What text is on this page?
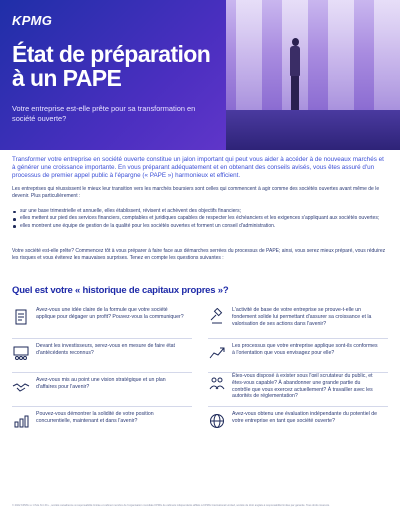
KPMG
État de préparation à un PAPE

Votre entreprise est-elle prête pour sa transformation en société ouverte?

Transformer votre entreprise en société ouverte constitue un jalon important qui peut vous aider à accéder à de nouveaux marchés et à générer une croissance importante. En vous préparant adéquatement et en obtenant des conseils avisés, vous êtes assuré d'un processus de premier appel public à l'épargne (« PAPE ») harmonieux et efficient.

Les entreprises qui réussissent le mieux leur transition vers les marchés boursiers sont celles qui commencent à agir comme des sociétés ouvertes avant même de le devenir. Plus particulièrement :

sur une base trimestrielle et annuelle, elles établissent, révisent et achèvent des objectifs financiers;
elles mettent sur pied des services financiers, comptables et juridiques capables de respecter les échéanciers et les exigences s'appliquant aux sociétés ouvertes;
elles montrent une équipe de gestion de la qualité pour les sociétés ouvertes et forment un conseil d'administration.

Votre société est-elle prête? Commencez tôt à vous préparer à faire face aux démarches serrées du processus de PAPE; ainsi, vous serez mieux préparé, vous réduirez les risques et vous éviterez les mauvaises surprises. Tenez en compte les questions suivantes :

Quel est votre « historique de capitaux propres »?

Avez-vous une idée claire de la formule que votre société applique pour dégager un profit? Pouvez-vous la communiquer?

L'activité de base de votre entreprise se prouve-t-elle un fondement solide lui permettant d'assurer sa croissance et la valorisation de ses actions dans l'avenir?

Devant les investisseurs, serez-vous en mesure de faire état d'antécédents reconnus?

Les processus que votre entreprise applique sont-ils conformes à l'orientation que vous envisagez pour elle?

Avez-vous mis au point une vision stratégique et un plan d'affaires pour l'avenir?

Êtes-vous disposé à exister sous l'œil scrutateur du public, et êtes-vous capable? À abandonner une grande partie du contrôle que vous exercez actuellement? À travailler avec les autorités de réglementation?

Pouvez-vous démontrer la solidité de votre position concurrentielle, maintenant et dans l'avenir?

Avez-vous obtenu une évaluation indépendante du potentiel de votre entreprise en tant que société ouverte?

© 2022 KPMG s.r.l./S.E.N.C.R.L., société canadienne à responsabilité limitée et cabinet membre de l'organisation mondiale KPMG de cabinets indépendants affiliés à KPMG International Limited, société de droit anglais à responsabilité limitée par garantie. Tous droits réservés.
